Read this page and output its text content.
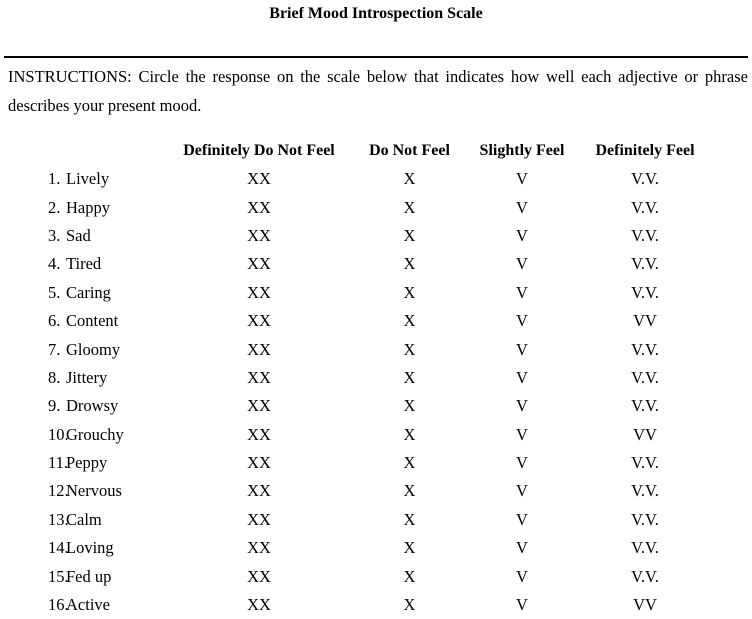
Brief Mood Introspection Scale
INSTRUCTIONS: Circle the response on the scale below that indicates how well each adjective or phrase describes your present mood.
		Definitely Do Not Feel	Do Not Feel	Slightly Feel	Definitely Feel
1.	Lively	XX	X	V	V.V.
2.	Happy	XX	X	V	V.V.
3.	Sad	XX	X	V	V.V.
4.	Tired	XX	X	V	V.V.
5.	Caring	XX	X	V	V.V.
6.	Content	XX	X	V	VV
7.	Gloomy	XX	X	V	V.V.
8.	Jittery	XX	X	V	V.V.
9.	Drowsy	XX	X	V	V.V.
10.	Grouchy	XX	X	V	VV
11.	Peppy	XX	X	V	V.V.
12.	Nervous	XX	X	V	V.V.
13.	Calm	XX	X	V	V.V.
14.	Loving	XX	X	V	V.V.
15.	Fed up	XX	X	V	V.V.
16.	Active	XX	X	V	VV
